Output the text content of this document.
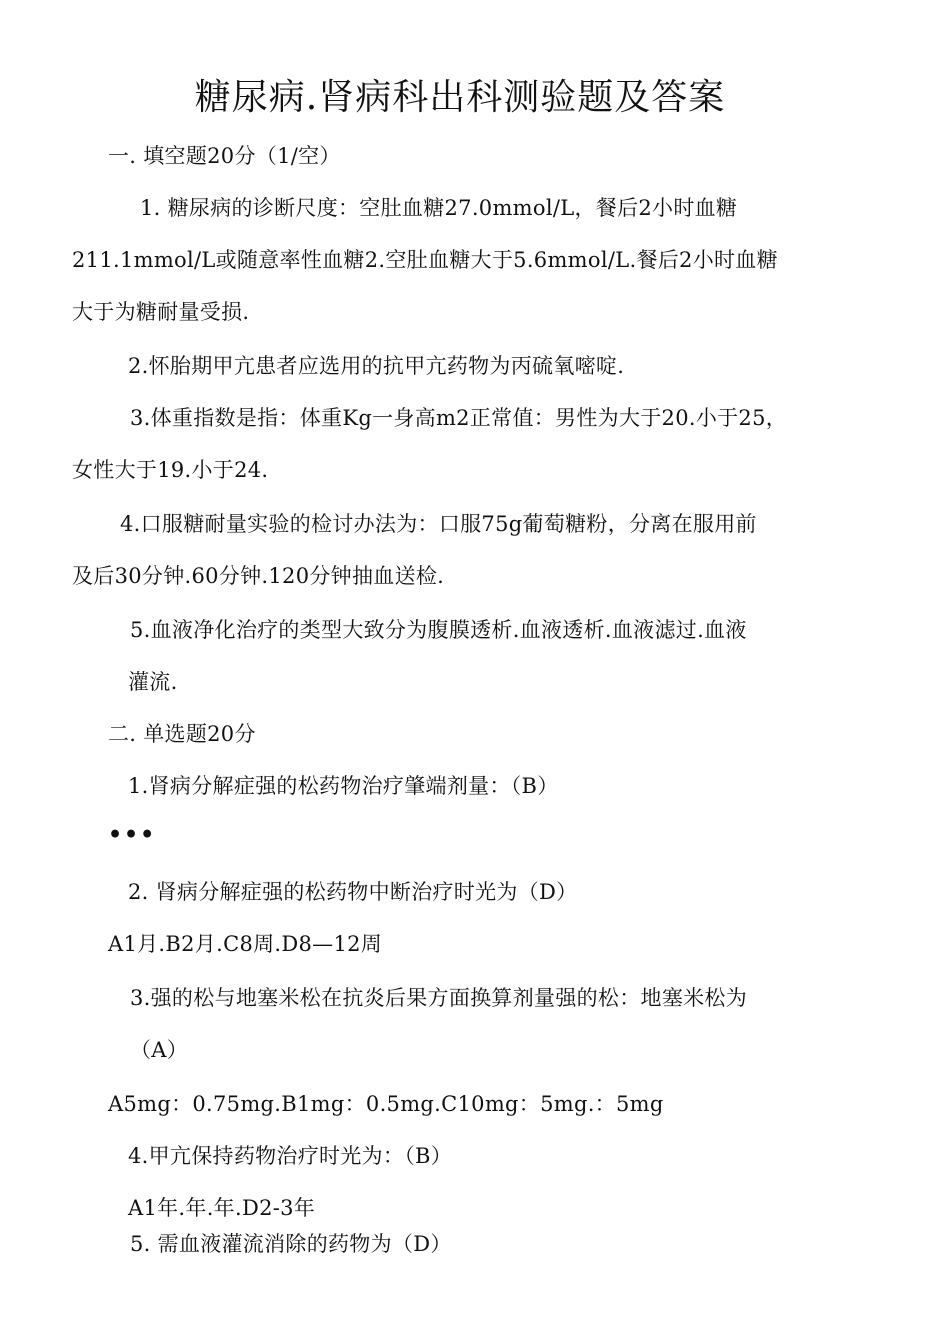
糖尿病.肾病科出科测验题及答案
一. 填空题20分（1/空）
1. 糖尿病的诊断尺度：空肚血糖27.0mmol/L，餐后2小时血糖
211.1mmol/L或随意率性血糖2.空肚血糖大于5.6mmol/L.餐后2小时血糖
大于为糖耐量受损.
2.怀胎期甲亢患者应选用的抗甲亢药物为丙硫氧嘧啶.
3.体重指数是指：体重Kg一身高m2正常值：男性为大于20.小于25，
女性大于19.小于24.
4.口服糖耐量实验的检讨办法为：口服75g葡萄糖粉，分离在服用前
及后30分钟.60分钟.120分钟抽血送检.
5.血液净化治疗的类型大致分为腹膜透析.血液透析.血液滤过.血液
灌流.
二. 单选题20分
1.肾病分解症强的松药物治疗肇端剂量：（B）
•••
2. 肾病分解症强的松药物中断治疗时光为（D）
A1月.B2月.C8周.D8—12周
3.强的松与地塞米松在抗炎后果方面换算剂量强的松：地塞米松为
（A）
A5mg：0.75mg.B1mg：0.5mg.C10mg：5mg.：5mg
4.甲亢保持药物治疗时光为：（B）
A1年.年.年.D2-3年
5. 需血液灌流消除的药物为（D）
